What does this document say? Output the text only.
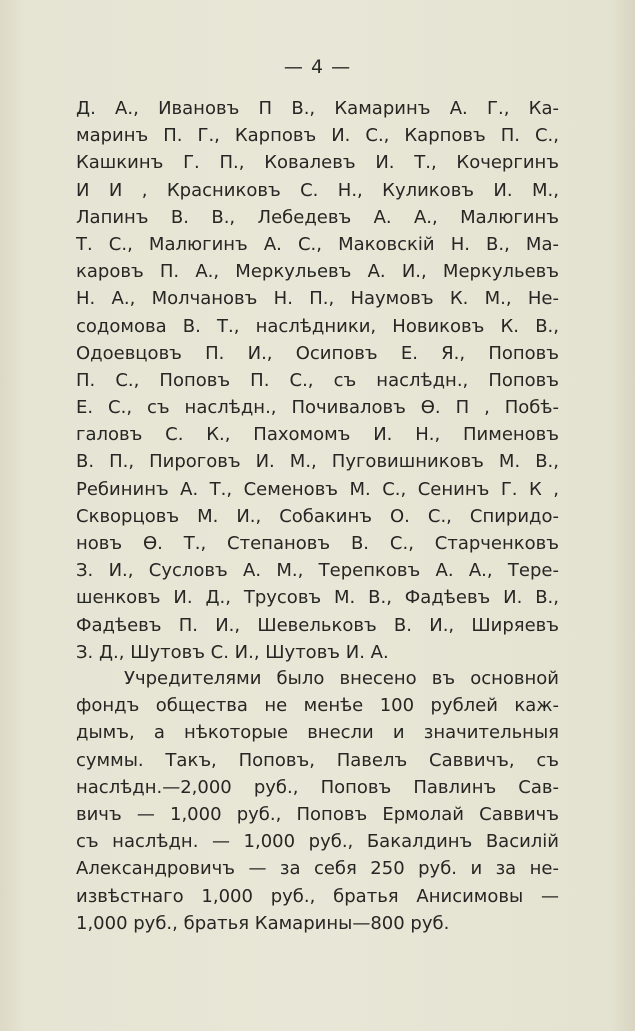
— 4 —
Д. А., Ивановъ П В., Камаринъ А. Г., Ка-
маринъ П. Г., Карповъ И. С., Карповъ П. С.,
Кашкинъ Г. П., Ковалевъ И. Т., Кочергинъ
И И , Красниковъ С. Н., Куликовъ И. М.,
Лапинъ В. В., Лебедевъ А. А., Малюгинъ
Т. С., Малюгинъ А. С., Маковскій Н. В., Ма-
каровъ П. А., Меркульевъ А. И., Меркульевъ
Н. А., Молчановъ Н. П., Наумовъ К. М., Не-
содомова В. Т., наслѣдники, Новиковъ К. В.,
Одоевцовъ П. И., Осиповъ Е. Я., Поповъ
П. С., Поповъ П. С., съ наслѣдн., Поповъ
Е. С., съ наслѣдн., Почиваловъ Ѳ. П , Побѣ-
галовъ С. К., Пахомомъ И. Н., Пименовъ
В. П., Пироговъ И. М., Пуговишниковъ М. В.,
Ребининъ А. Т., Семеновъ М. С., Сенинъ Г. К ,
Скворцовъ М. И., Собакинъ О. С., Спиридо-
новъ Ѳ. Т., Степановъ В. С., Старченковъ
З. И., Сусловъ А. М., Терепковъ А. А., Тере-
шенковъ И. Д., Трусовъ М. В., Фадѣевъ И. В.,
Фадѣевъ П. И., Шевельковъ В. И., Ширяевъ
З. Д., Шутовъ С. И., Шутовъ И. А.
Учредителями было внесено въ основной
фондъ общества не менѣе 100 рублей каж-
дымъ, а нѣкоторые внесли и значительныя
суммы. Такъ, Поповъ, Павелъ Саввичъ, съ
наслѣдн.—2,000 руб., Поповъ Павлинъ Сав-
вичъ — 1,000 руб., Поповъ Ермолай Саввичъ
съ наслѣдн. — 1,000 руб., Бакалдинъ Василій
Александровичъ — за себя 250 руб. и за не-
извѣстнаго 1,000 руб., братья Анисимовы —
1,000 руб., братья Камарины—800 руб.
